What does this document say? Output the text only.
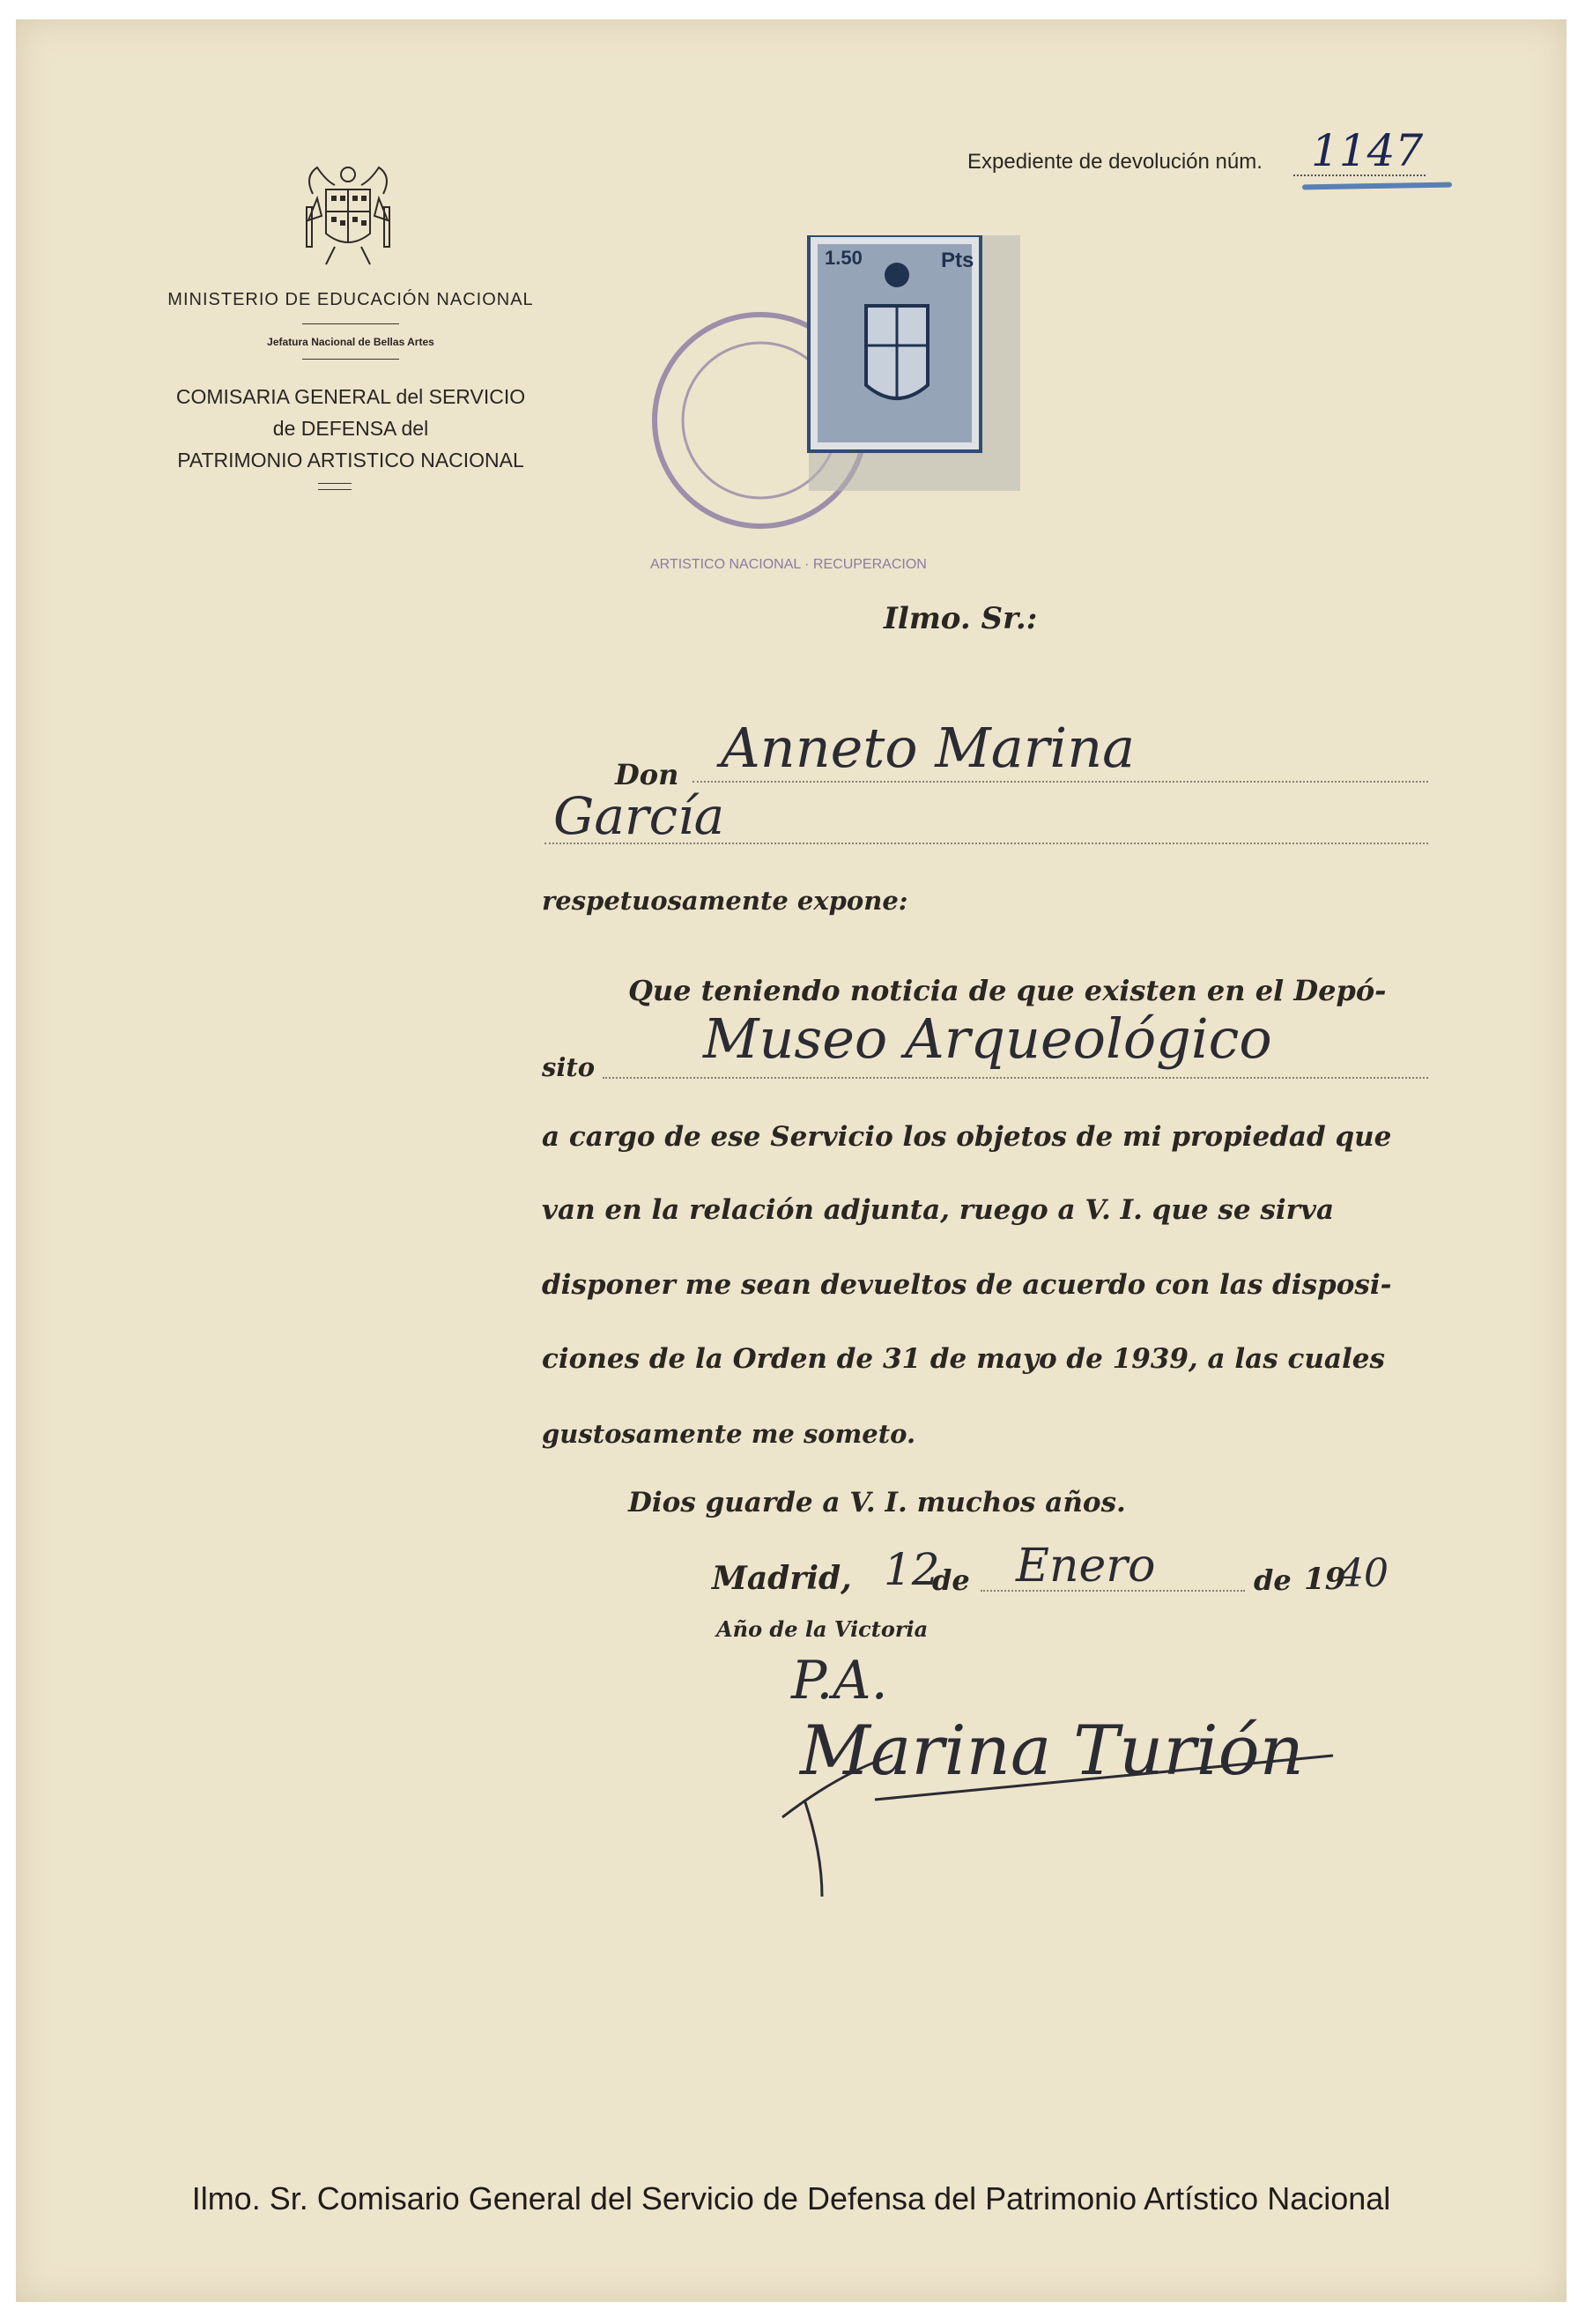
MINISTERIO DE EDUCACIÓN NACIONAL
Jefatura Nacional de Bellas Artes
COMISARIA GENERAL del SERVICIO
de DEFENSA del
PATRIMONIO ARTISTICO NACIONAL
Expediente de devolución núm. 1147
1.50	Pts
ARTISTICO NACIONAL · RECUPERACION
Ilmo. Sr.:
Don Anneto Marina
García
respetuosamente expone:
Que teniendo noticia de que existen en el Depó-
sito Museo Arqueológico
a cargo de ese Servicio los objetos de mi propiedad que
van en la relación adjunta, ruego a V. I. que se sirva
disponer me sean devueltos de acuerdo con las disposi-
ciones de la Orden de 31 de mayo de 1939, a las cuales
gustosamente me someto.
Dios guarde a V. I. muchos años.
Madrid, 12
de Enero	de 19
40
Año de la Victoria
P.A.
Marina Turión
Ilmo. Sr. Comisario General del Servicio de Defensa del Patrimonio Artístico Nacional
